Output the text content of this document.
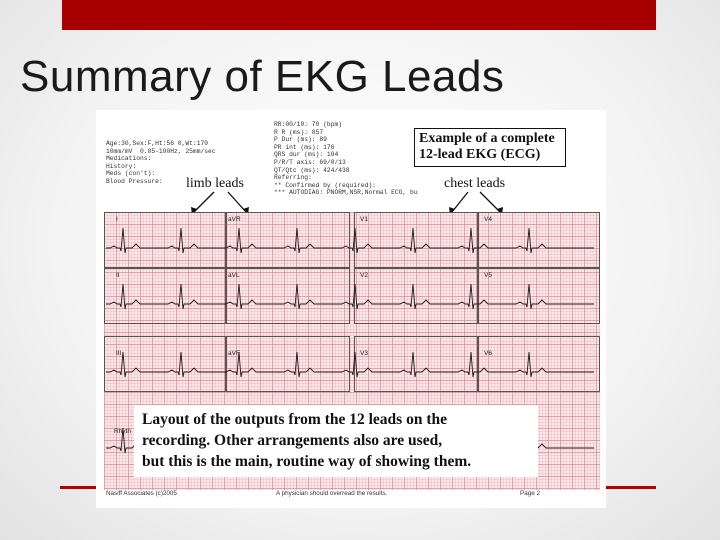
Summary of EKG Leads
Age:30,Sex:F,Ht:56 0,Wt:170
10mm/mV  0.05-100Hz, 25mm/sec
Medications:
History:
Meds (con't):
Blood Pressure:
RR:00/10: 70 (bpm)
R R (ms): 857
P Dur (ms): 89
PR int (ms): 176
QRS dur (ms): 104
P/R/T axis: 69/0/13
QT/Qtc (ms): 424/438
Referring:
** Confirmed by (required):
*** AUTODIAG: PNORM,NSR,Normal ECG, bu
Example of a complete
12-lead EKG (ECG)
limb leads	chest leads
I	aVR	V1	V4
II	aVL	V2	V5
III	aVF	V3	V6
Rhyth
Layout of the outputs from the 12 leads on the
recording. Other arrangements also are used,
but this is the main, routine way of showing them.
Nasiff Associates (c)2005	A physician should overread the results.	Page 2
